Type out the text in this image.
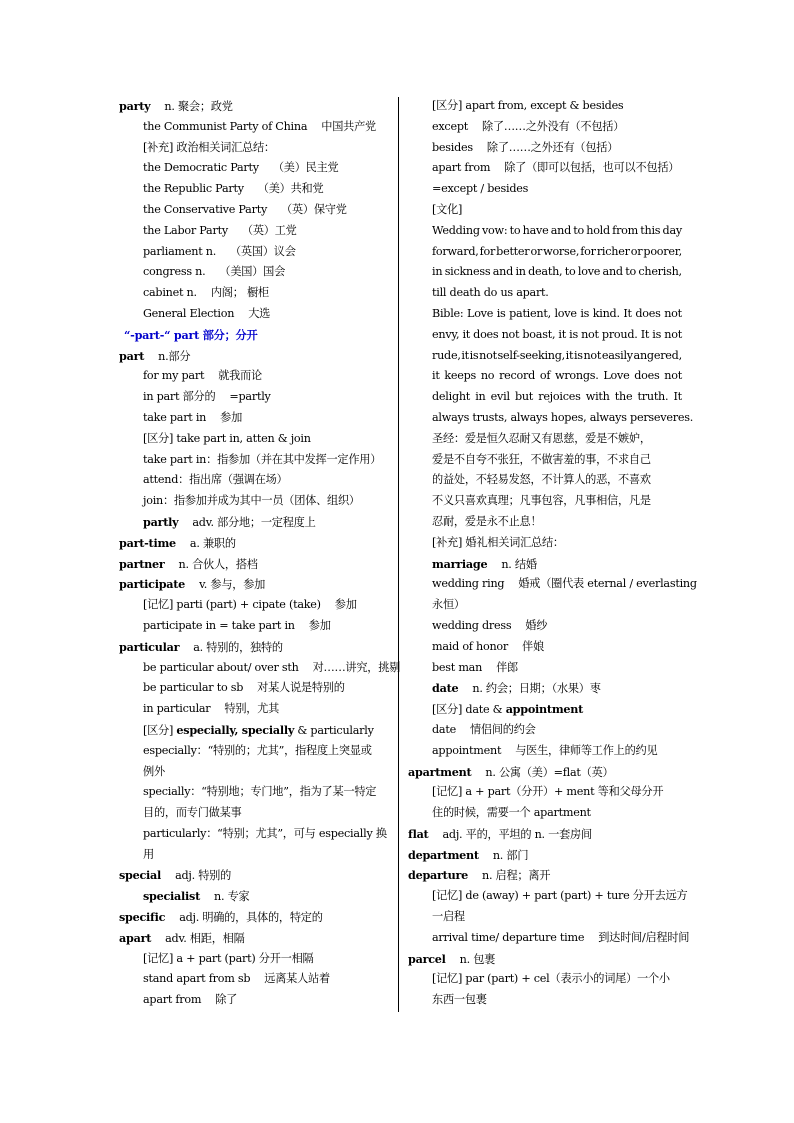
party n. 聚会；政党
the Communist Party of China 中国共产党
[补充] 政治相关词汇总结：
the Democratic Party （美）民主党
the Republic Party （美）共和党
the Conservative Party （英）保守党
the Labor Party （英）工党
parliament n. （英国）议会
congress n. （美国）国会
cabinet n. 内阁； 橱柜
General Election 大选
“-part-“ part 部分；分开
part n.部分
for my part 就我而论
in part 部分的 =partly
take part in 参加
[区分] take part in, atten & join
take part in：指参加（并在其中发挥一定作用）
attend：指出席（强调在场）
join：指参加并成为其中一员（团体、组织）
partly adv. 部分地；一定程度上
part-time a. 兼职的
partner n. 合伙人，搭档
participate v. 参与，参加
[记忆] parti (part) + cipate (take) 参加
participate in = take part in 参加
particular a. 特别的，独特的
be particular about/ over sth 对……讲究，挑剔
be particular to sb 对某人说是特别的
in particular 特别，尤其
[区分] especially, specially & particularly
especially：“特别的；尤其”，指程度上突显或
例外
specially：“特别地；专门地”，指为了某一特定
目的，而专门做某事
particularly：“特别；尤其”，可与 especially 换
用
special adj. 特别的
specialist n. 专家
specific adj. 明确的，具体的，特定的
apart adv. 相距，相隔
[记忆] a + part (part) 分开一相隔
stand apart from sb 远离某人站着
apart from 除了
[区分] apart from, except & besides
except 除了……之外没有（不包括）
besides 除了……之外还有（包括）
apart from 除了（即可以包括，也可以不包括）
=except / besides
[文化]
Wedding vow: to have and to hold from this day
forward, for better or worse, for richer or poorer,
in sickness and in death, to love and to cherish,
till death do us apart.
Bible: Love is patient, love is kind. It does not
envy, it does not boast, it is not proud. It is not
rude, it is not self-seeking, it is not easily angered,
it keeps no record of wrongs. Love does not
delight in evil but rejoices with the truth. It
always trusts, always hopes, always perseveres.
圣经：爱是恒久忍耐又有恩慈，爱是不嫉妒，
爱是不自夸不张狂，不做害羞的事，不求自己
的益处，不轻易发怒，不计算人的恶，不喜欢
不义只喜欢真理；凡事包容，凡事相信，凡是
忍耐，爱是永不止息！
[补充] 婚礼相关词汇总结：
marriage n. 结婚
wedding ring 婚戒（圈代表 eternal / everlasting
永恒）
wedding dress 婚纱
maid of honor 伴娘
best man 伴郎
date n. 约会；日期；（水果）枣
[区分] date & appointment
date 情侣间的约会
appointment 与医生，律师等工作上的约见
apartment n. 公寓（美）=flat（英）
[记忆] a + part（分开）+ ment 等和父母分开
住的时候，需要一个 apartment
flat adj. 平的，平坦的 n. 一套房间
department n. 部门
departure n. 启程；离开
[记忆] de (away) + part (part) + ture 分开去远方
一启程
arrival time/ departure time 到达时间/启程时间
parcel n. 包裹
[记忆] par (part) + cel（表示小的词尾）一个小
东西一包裹
